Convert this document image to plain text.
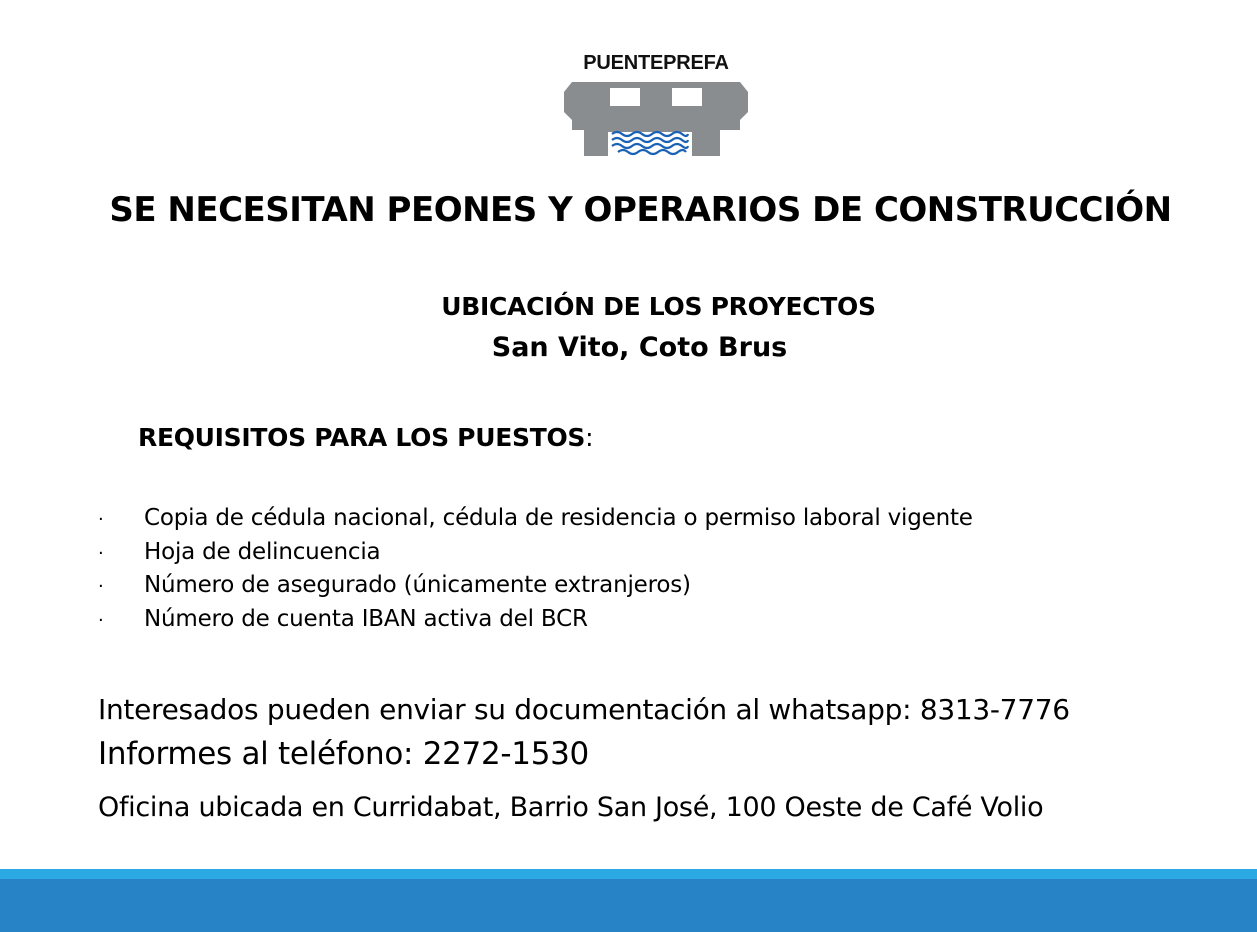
PUENTEPREFA
SE NECESITAN PEONES Y OPERARIOS DE CONSTRUCCIÓN
UBICACIÓN DE LOS PROYECTOS
San Vito, Coto Brus
REQUISITOS PARA LOS PUESTOS:
· Copia de cédula nacional, cédula de residencia o permiso laboral vigente
· Hoja de delincuencia
· Número de asegurado (únicamente extranjeros)
· Número de cuenta IBAN activa del BCR
Interesados pueden enviar su documentación al whatsapp: 8313-7776
Informes al teléfono: 2272-1530
Oficina ubicada en Curridabat, Barrio San José, 100 Oeste de Café Volio
